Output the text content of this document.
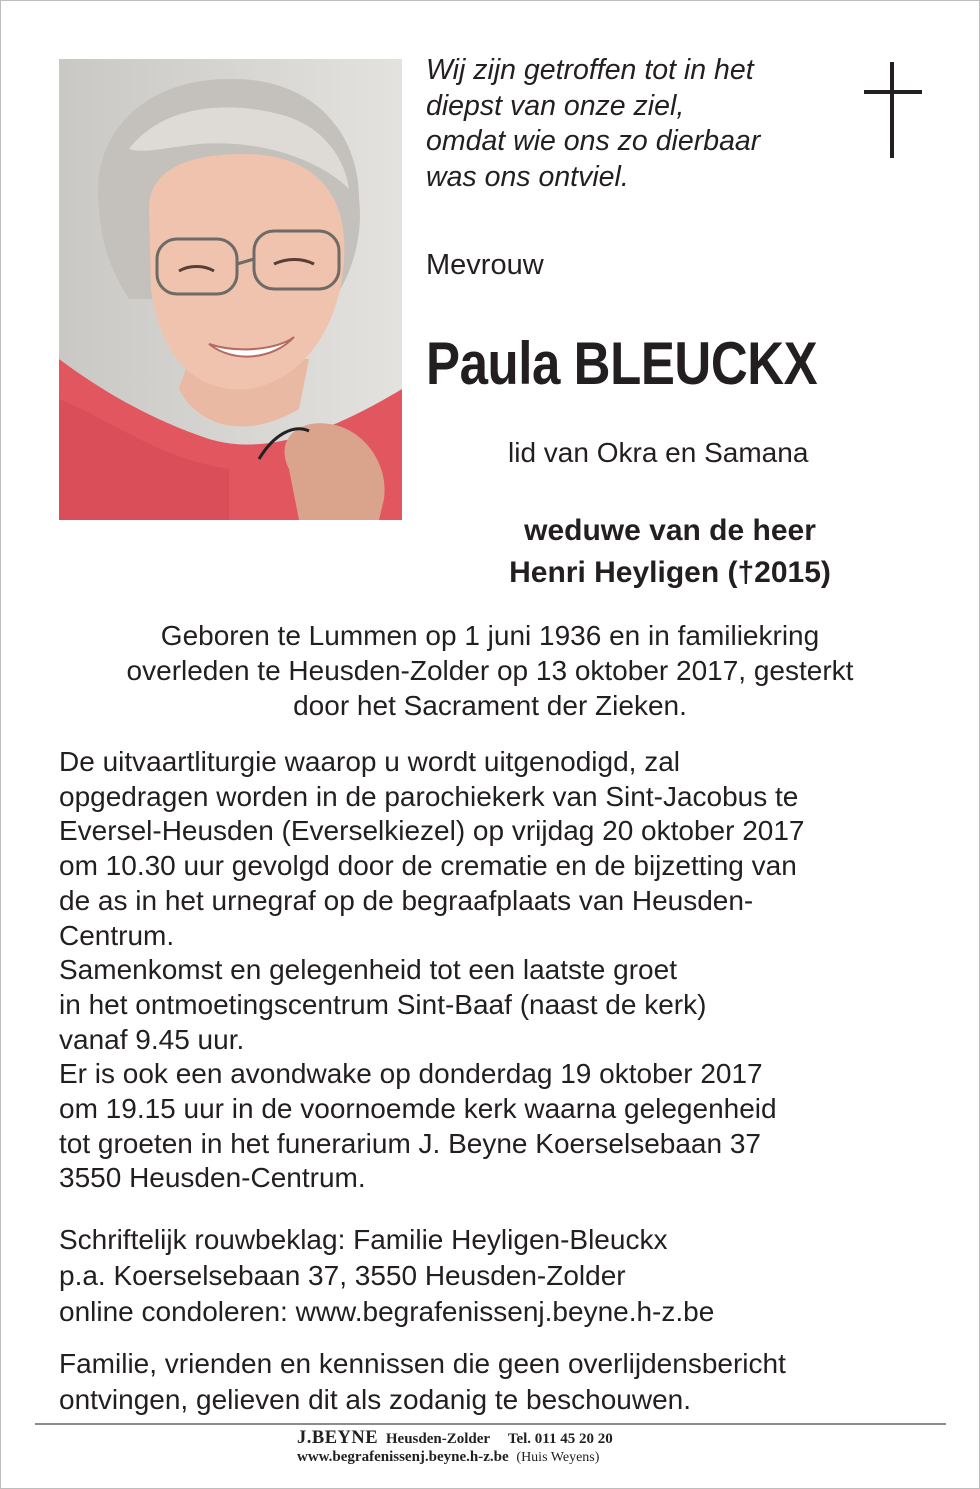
Wij zijn getroffen tot in het
diepst van onze ziel,
omdat wie ons zo dierbaar
was ons ontviel.
Mevrouw
Paula BLEUCKX
lid van Okra en Samana
weduwe van de heer
Henri Heyligen (†2015)
Geboren te Lummen op 1 juni 1936 en in familiekring
overleden te Heusden-Zolder op 13 oktober 2017, gesterkt
door het Sacrament der Zieken.
De uitvaartliturgie waarop u wordt uitgenodigd, zal
opgedragen worden in de parochiekerk van Sint-Jacobus te
Eversel-Heusden (Everselkiezel) op vrijdag 20 oktober 2017
om 10.30 uur gevolgd door de crematie en de bijzetting van
de as in het urnegraf op de begraafplaats van Heusden-
Centrum.
Samenkomst en gelegenheid tot een laatste groet
in het ontmoetingscentrum Sint-Baaf (naast de kerk)
vanaf 9.45 uur.
Er is ook een avondwake op donderdag 19 oktober 2017
om 19.15 uur in de voornoemde kerk waarna gelegenheid
tot groeten in het funerarium J. Beyne Koerselsebaan 37
3550 Heusden-Centrum.
Schriftelijk rouwbeklag: Familie Heyligen-Bleuckx
p.a. Koerselsebaan 37, 3550 Heusden-Zolder
online condoleren: www.begrafenissenj.beyne.h-z.be
Familie, vrienden en kennissen die geen overlijdensbericht
ontvingen, gelieven dit als zodanig te beschouwen.
J.BEYNE Heusden-Zolder Tel. 011 45 20 20
www.begrafenissenj.beyne.h-z.be (Huis Weyens)
